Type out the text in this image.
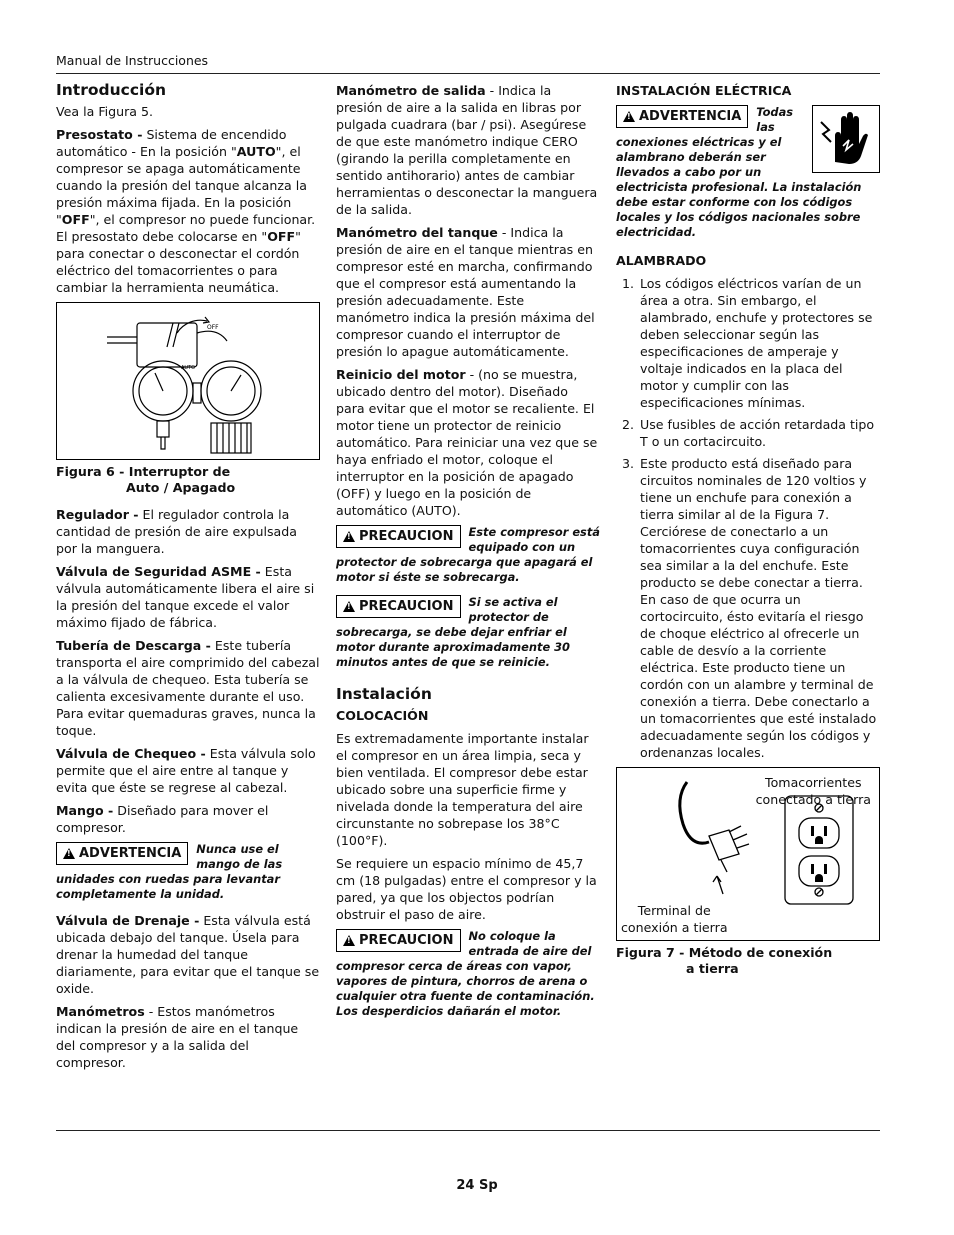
Manual de Instrucciones
Introducción

Vea la Figura 5.

Presostato - Sistema de encendido automático - En la posición "AUTO", el compresor se apaga automáticamente cuando la presión del tanque alcanza la presión máxima fijada. En la posición "OFF", el compresor no puede funcionar. El presostato debe colocarse en "OFF" para conectar o desconectar el cordón eléctrico del tomacorrientes o para cambiar la herramienta neumática.

OFF
AUTO
Figura 6 - Interruptor de
Auto / Apagado

Regulador - El regulador controla la cantidad de presión de aire expulsada por la manguera.

Válvula de Seguridad ASME - Esta válvula automáticamente libera el aire si la presión del tanque excede el valor máximo fijado de fábrica.

Tubería de Descarga - Este tubería transporta el aire comprimido del cabezal a la válvula de chequeo. Esta tubería se calienta excesivamente durante el uso. Para evitar quemaduras graves, nunca la toque.

Válvula de Chequeo - Esta válvula solo permite que el aire entre al tanque y evita que éste se regrese al cabezal.

Mango - Diseñado para mover el compresor.

!
ADVERTENCIA Nunca use el mango de las unidades con ruedas para levantar completamente la unidad.

Válvula de Drenaje - Esta válvula está ubicada debajo del tanque. Úsela para drenar la humedad del tanque diariamente, para evitar que el tanque se oxide.

Manómetros - Estos manómetros indican la presión de aire en el tanque del compresor y a la salida del compresor.

Manómetro de salida - Indica la presión de aire a la salida en libras por pulgada cuadrara (bar / psi). Asegúrese de que este manómetro indique CERO (girando la perilla completamente en sentido antihorario) antes de cambiar herramientas o desconectar la manguera de la salida.

Manómetro del tanque - Indica la presión de aire en el tanque mientras en compresor esté en marcha, confirmando que el compresor está aumentando la presión adecuadamente. Este manómetro indica la presión máxima del compresor cuando el interruptor de presión lo apague automáticamente.

Reinicio del motor - (no se muestra, ubicado dentro del motor). Diseñado para evitar que el motor se recaliente. El motor tiene un protector de reinicio automático. Para reiniciar una vez que se haya enfriado el motor, coloque el interruptor en la posición de apagado (OFF) y luego en la posición de automático (AUTO).

!
PRECAUCION Este compresor está equipado con un protector de sobrecarga que apagará el motor si éste se sobrecarga.
!
PRECAUCION Si se activa el protector de sobrecarga, se debe dejar enfriar el motor durante aproximadamente 30 minutos antes de que se reinicie.
Instalación
COLOCACIÓN

Es extremadamente importante instalar el compresor en un área limpia, seca y bien ventilada. El compresor debe estar ubicado sobre una superficie firme y nivelada donde la temperatura del aire circunstante no sobrepase los 38°C (100°F).

Se requiere un espacio mínimo de 45,7 cm (18 pulgadas) entre el compresor y la pared, ya que los objectos podrían obstruir el paso de aire.

!
PRECAUCION No coloque la entrada de aire del compresor cerca de áreas con vapor, vapores de pintura, chorros de arena o cualquier otra fuente de contaminación. Los desperdicios dañarán el motor.
INSTALACIÓN ELÉCTRICA
!
ADVERTENCIA Todas las conexiones eléctricas y el alambrano deberán ser llevados a cabo por un electricista profesional. La instalación debe estar conforme con los códigos locales y los códigos nacionales sobre electricidad.
ALAMBRADO
1. Los códigos eléctricos varían de un área a otra. Sin embargo, el alambrado, enchufe y protectores se deben seleccionar según las especificaciones de amperaje y voltaje indicados en la placa del motor y cumplir con las especificaciones mínimas.
2. Use fusibles de acción retardada tipo T o un cortacircuito.
3. Este producto está diseñado para circuitos nominales de 120 voltios y tiene un enchufe para conexión a tierra similar al de la Figura 7. Cerciórese de conectarlo a un tomacorrientes cuya configuración sea similar a la del enchufe. Este producto se debe conectar a tierra. En caso de que ocurra un cortocircuito, ésto evitaría el riesgo de choque eléctrico al ofrecerle un cable de desvío a la corriente eléctrica. Este producto tiene un cordón con un alambre y terminal de conexión a tierra. Debe conectarlo a un tomacorrientes que esté instalado adecuadamente según los códigos y ordenanzas locales.
Tomacorrientes
conectado a tierra
Terminal de
conexión a tierra
Figura 7 - Método de conexión
a tierra
24 Sp
